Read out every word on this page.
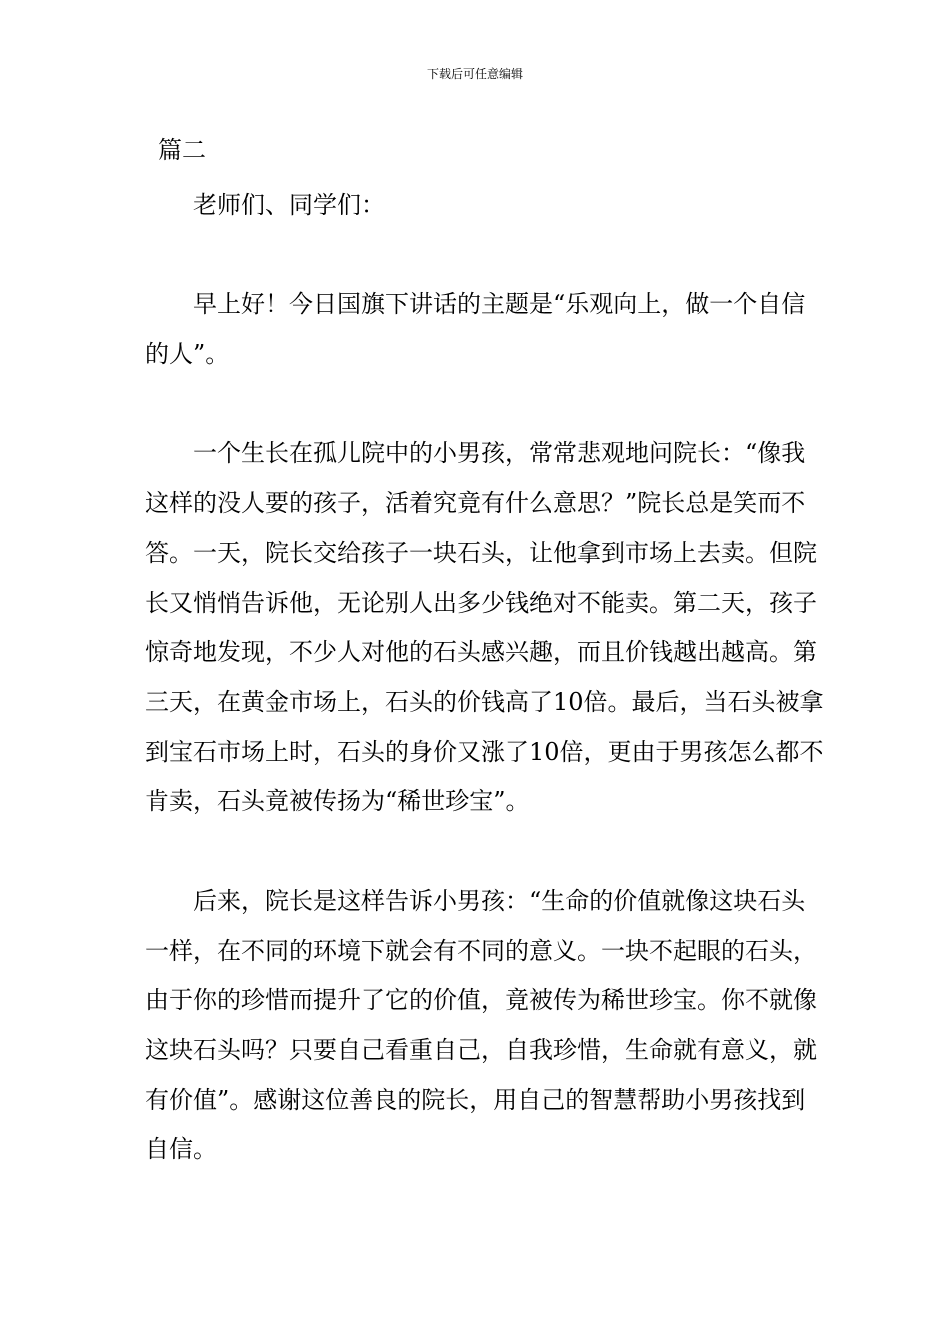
下载后可任意编辑
篇二

老师们、同学们：

早上好！今日国旗下讲话的主题是“乐观向上，做一个自信的人”。

一个生长在孤儿院中的小男孩，常常悲观地问院长：“像我这样的没人要的孩子，活着究竟有什么意思？”院长总是笑而不答。一天，院长交给孩子一块石头，让他拿到市场上去卖。但院长又悄悄告诉他，无论别人出多少钱绝对不能卖。第二天，孩子惊奇地发现，不少人对他的石头感兴趣，而且价钱越出越高。第三天，在黄金市场上，石头的价钱高了10倍。最后，当石头被拿到宝石市场上时，石头的身价又涨了10倍，更由于男孩怎么都不肯卖，石头竟被传扬为“稀世珍宝”。

后来，院长是这样告诉小男孩：“生命的价值就像这块石头一样，在不同的环境下就会有不同的意义。一块不起眼的石头，由于你的珍惜而提升了它的价值，竟被传为稀世珍宝。你不就像这块石头吗？只要自己看重自己，自我珍惜，生命就有意义，就有价值”。感谢这位善良的院长，用自己的智慧帮助小男孩找到自信。
